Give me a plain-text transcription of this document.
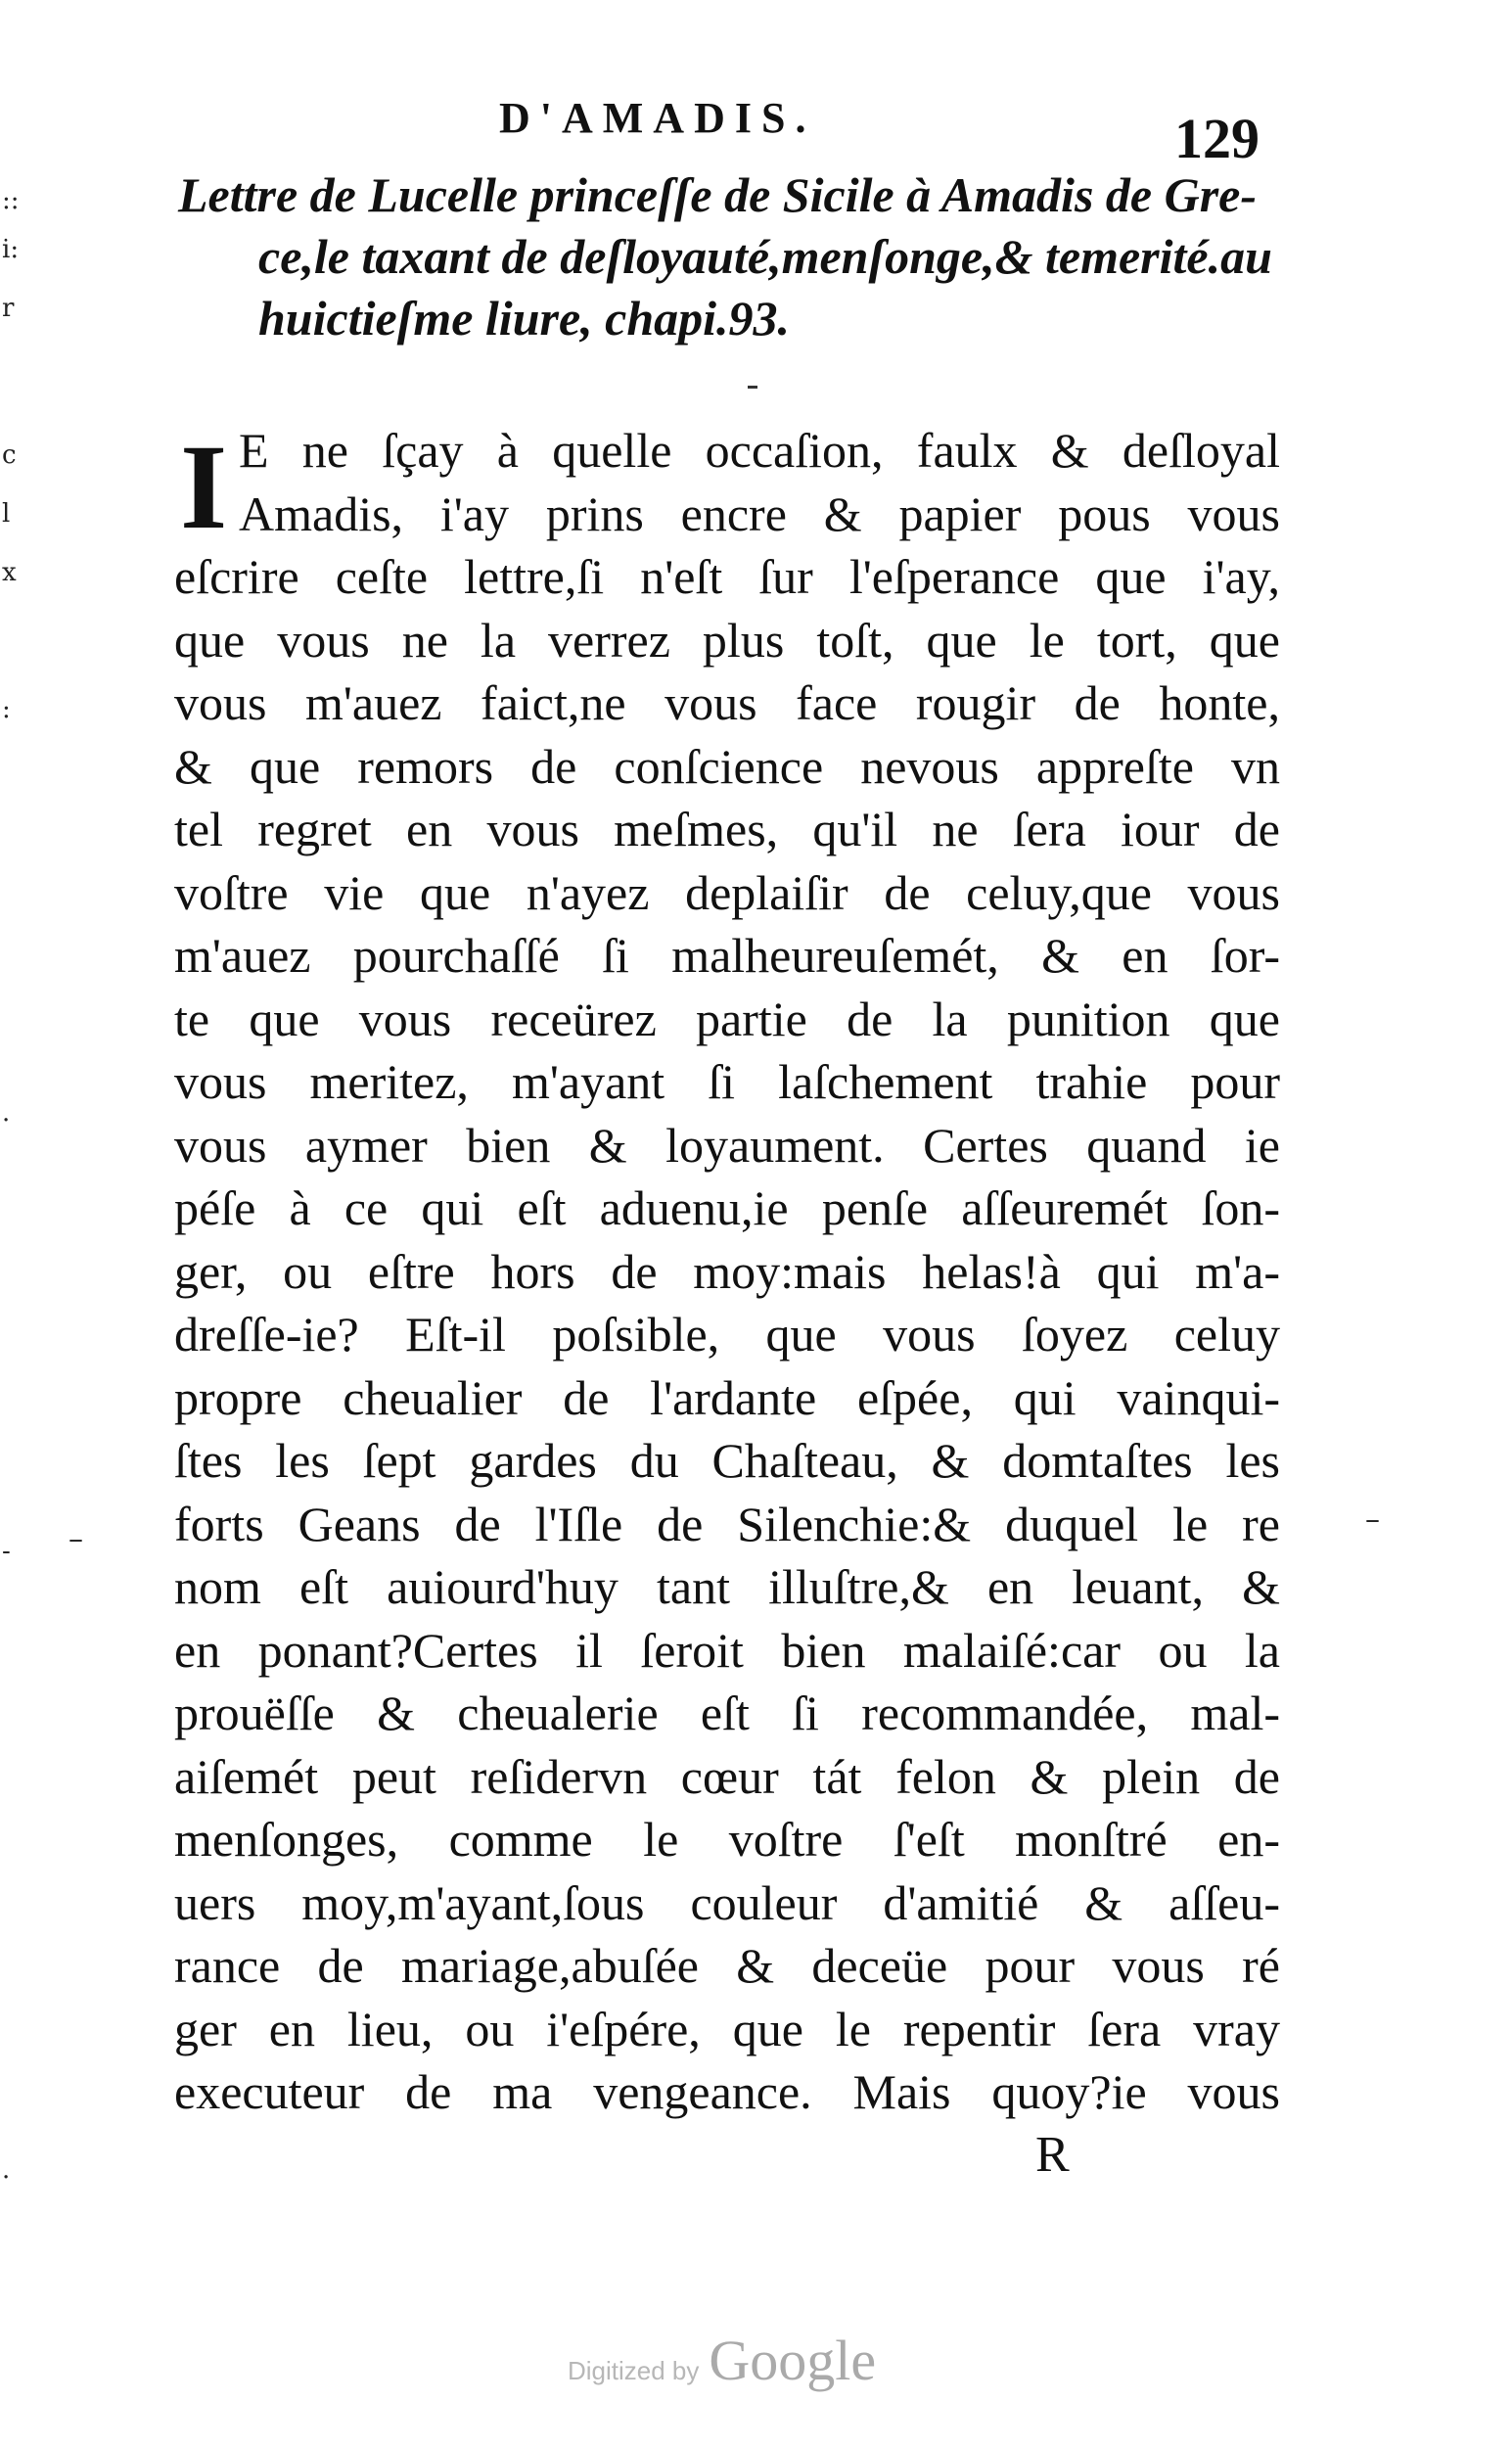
::
i:
r
c
l
x
:
·
-
·
D'AMADIS.	129
Lettre de Lucelle princeſſe de Sicile à Amadis de Gre-
ce,le taxant de deſloyauté,menſonge,& temerité.au
huictieſme liure, chapi.93.
I E ne ſçay à quelle occaſion, faulx & deſloyal
Amadis, i'ay prins encre & papier pous vous
eſcrire ceſte lettre,ſi n'eſt ſur l'eſperance que i'ay,
que vous ne la verrez plus toſt, que le tort, que
vous m'auez faict,ne vous face rougir de honte,
& que remors de conſcience nevous appreſte vn
tel regret en vous meſmes, qu'il ne ſera iour de
voſtre vie que n'ayez deplaiſir de celuy,que vous
m'auez pourchaſſé ſi malheureuſemét, & en ſor-
te que vous receürez partie de la punition que
vous meritez, m'ayant ſi laſchement trahie pour
vous aymer bien & loyaument. Certes quand ie
péſe à ce qui eſt aduenu,ie penſe aſſeuremét ſon-
ger, ou eſtre hors de moy:mais helas!à qui m'a-
dreſſe-ie? Eſt-il poſsible, que vous ſoyez celuy
propre cheualier de l'ardante eſpée, qui vainqui-
ſtes les ſept gardes du Chaſteau, & domtaſtes les
forts Geans de l'Iſle de Silenchie:& duquel le re
nom eſt auiourd'huy tant illuſtre,& en leuant, &
en ponant?Certes il ſeroit bien malaiſé:car ou la
prouëſſe & cheualerie eſt ſi recommandée, mal-
aiſemét peut reſidervn cœur tát felon & plein de
menſonges, comme le voſtre ſ'eſt monſtré en-
uers moy,m'ayant,ſous couleur d'amitié & aſſeu-
rance de mariage,abuſée & deceüe pour vous ré
ger en lieu, ou i'eſpére, que le repentir ſera vray
executeur de ma vengeance. Mais quoy?ie vous
–
–
R
Digitized by Google
